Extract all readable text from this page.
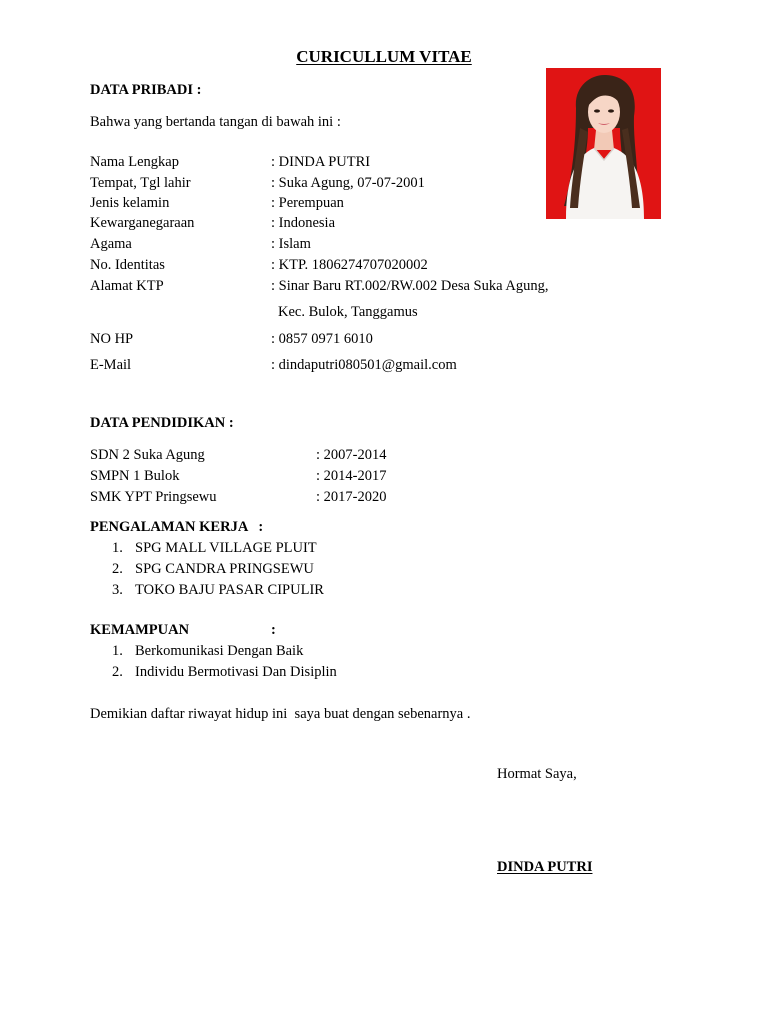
CURICULLUM VITAE
DATA PRIBADI :
Bahwa yang bertanda tangan di bawah ini :
Nama Lengkap	: DINDA PUTRI
Tempat, Tgl lahir	: Suka Agung, 07-07-2001
Jenis kelamin	: Perempuan
Kewarganegaraan	: Indonesia
Agama	: Islam
No. Identitas	: KTP. 1806274707020002
Alamat KTP	: Sinar Baru RT.002/RW.002 Desa Suka Agung,
Kec. Bulok, Tanggamus
NO HP	: 0857 0971 6010
E-Mail	: dindaputri080501@gmail.com
DATA PENDIDIKAN :
SDN 2 Suka Agung	: 2007-2014
SMPN 1 Bulok	: 2014-2017
SMK YPT Pringsewu	: 2017-2020
PENGALAMAN KERJA   :
1. SPG MALL VILLAGE PLUIT
2. SPG CANDRA PRINGSEWU
3. TOKO BAJU PASAR CIPULIR
KEMAMPUAN	:
1. Berkomunikasi Dengan Baik
2. Individu Bermotivasi Dan Disiplin
Demikian daftar riwayat hidup ini  saya buat dengan sebenarnya .
Hormat Saya,
DINDA PUTRI
